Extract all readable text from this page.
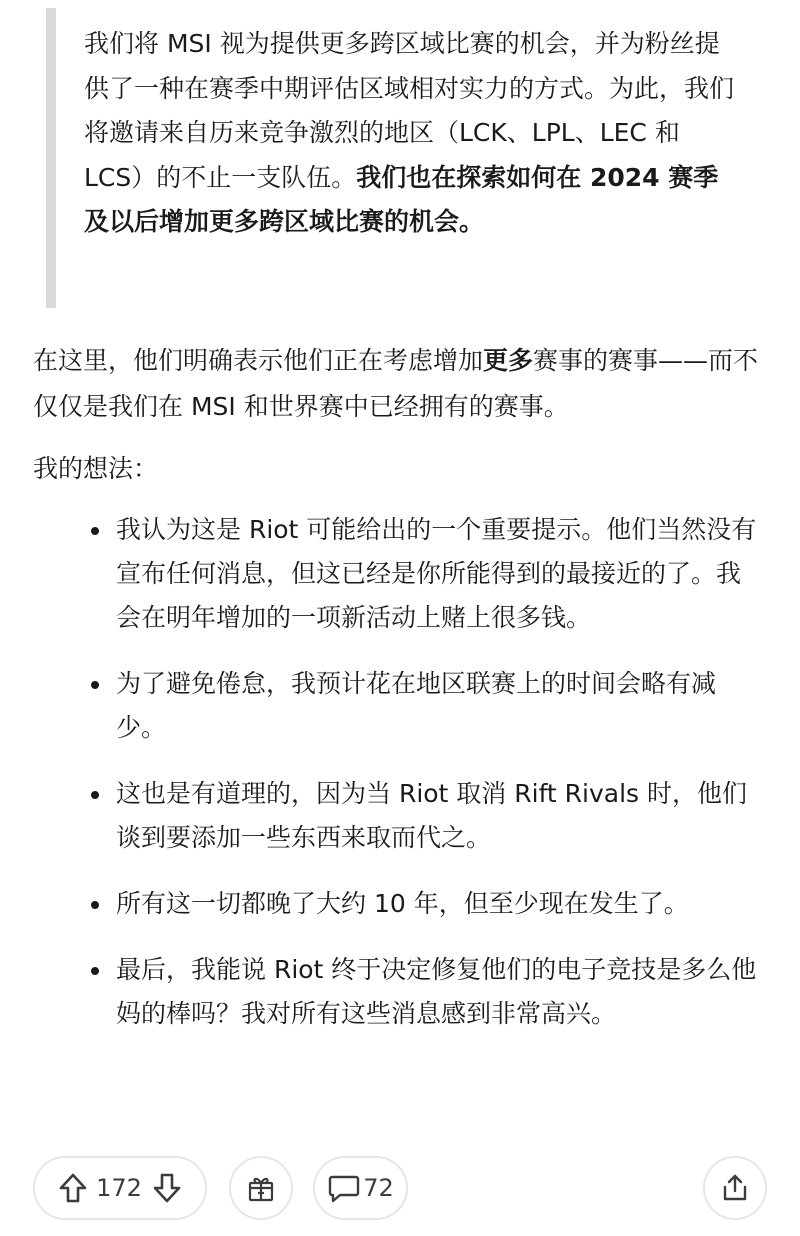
我们将 MSI 视为提供更多跨区域比赛的机会，并为粉丝提供了一种在赛季中期评估区域相对实力的方式。为此，我们将邀请来自历来竞争激烈的地区（LCK、LPL、LEC 和 LCS）的不止一支队伍。我们也在探索如何在 2024 赛季及以后增加更多跨区域比赛的机会。

在这里，他们明确表示他们正在考虑增加更多赛事的赛事——而不仅仅是我们在 MSI 和世界赛中已经拥有的赛事。

我的想法：

我认为这是 Riot 可能给出的一个重要提示。他们当然没有宣布任何消息，但这已经是你所能得到的最接近的了。我会在明年增加的一项新活动上赌上很多钱。
为了避免倦怠，我预计花在地区联赛上的时间会略有减少。
这也是有道理的，因为当 Riot 取消 Rift Rivals 时，他们谈到要添加一些东西来取而代之。
所有这一切都晚了大约 10 年，但至少现在发生了。
最后，我能说 Riot 终于决定修复他们的电子竞技是多么他妈的棒吗？我对所有这些消息感到非常高兴。
172	72
